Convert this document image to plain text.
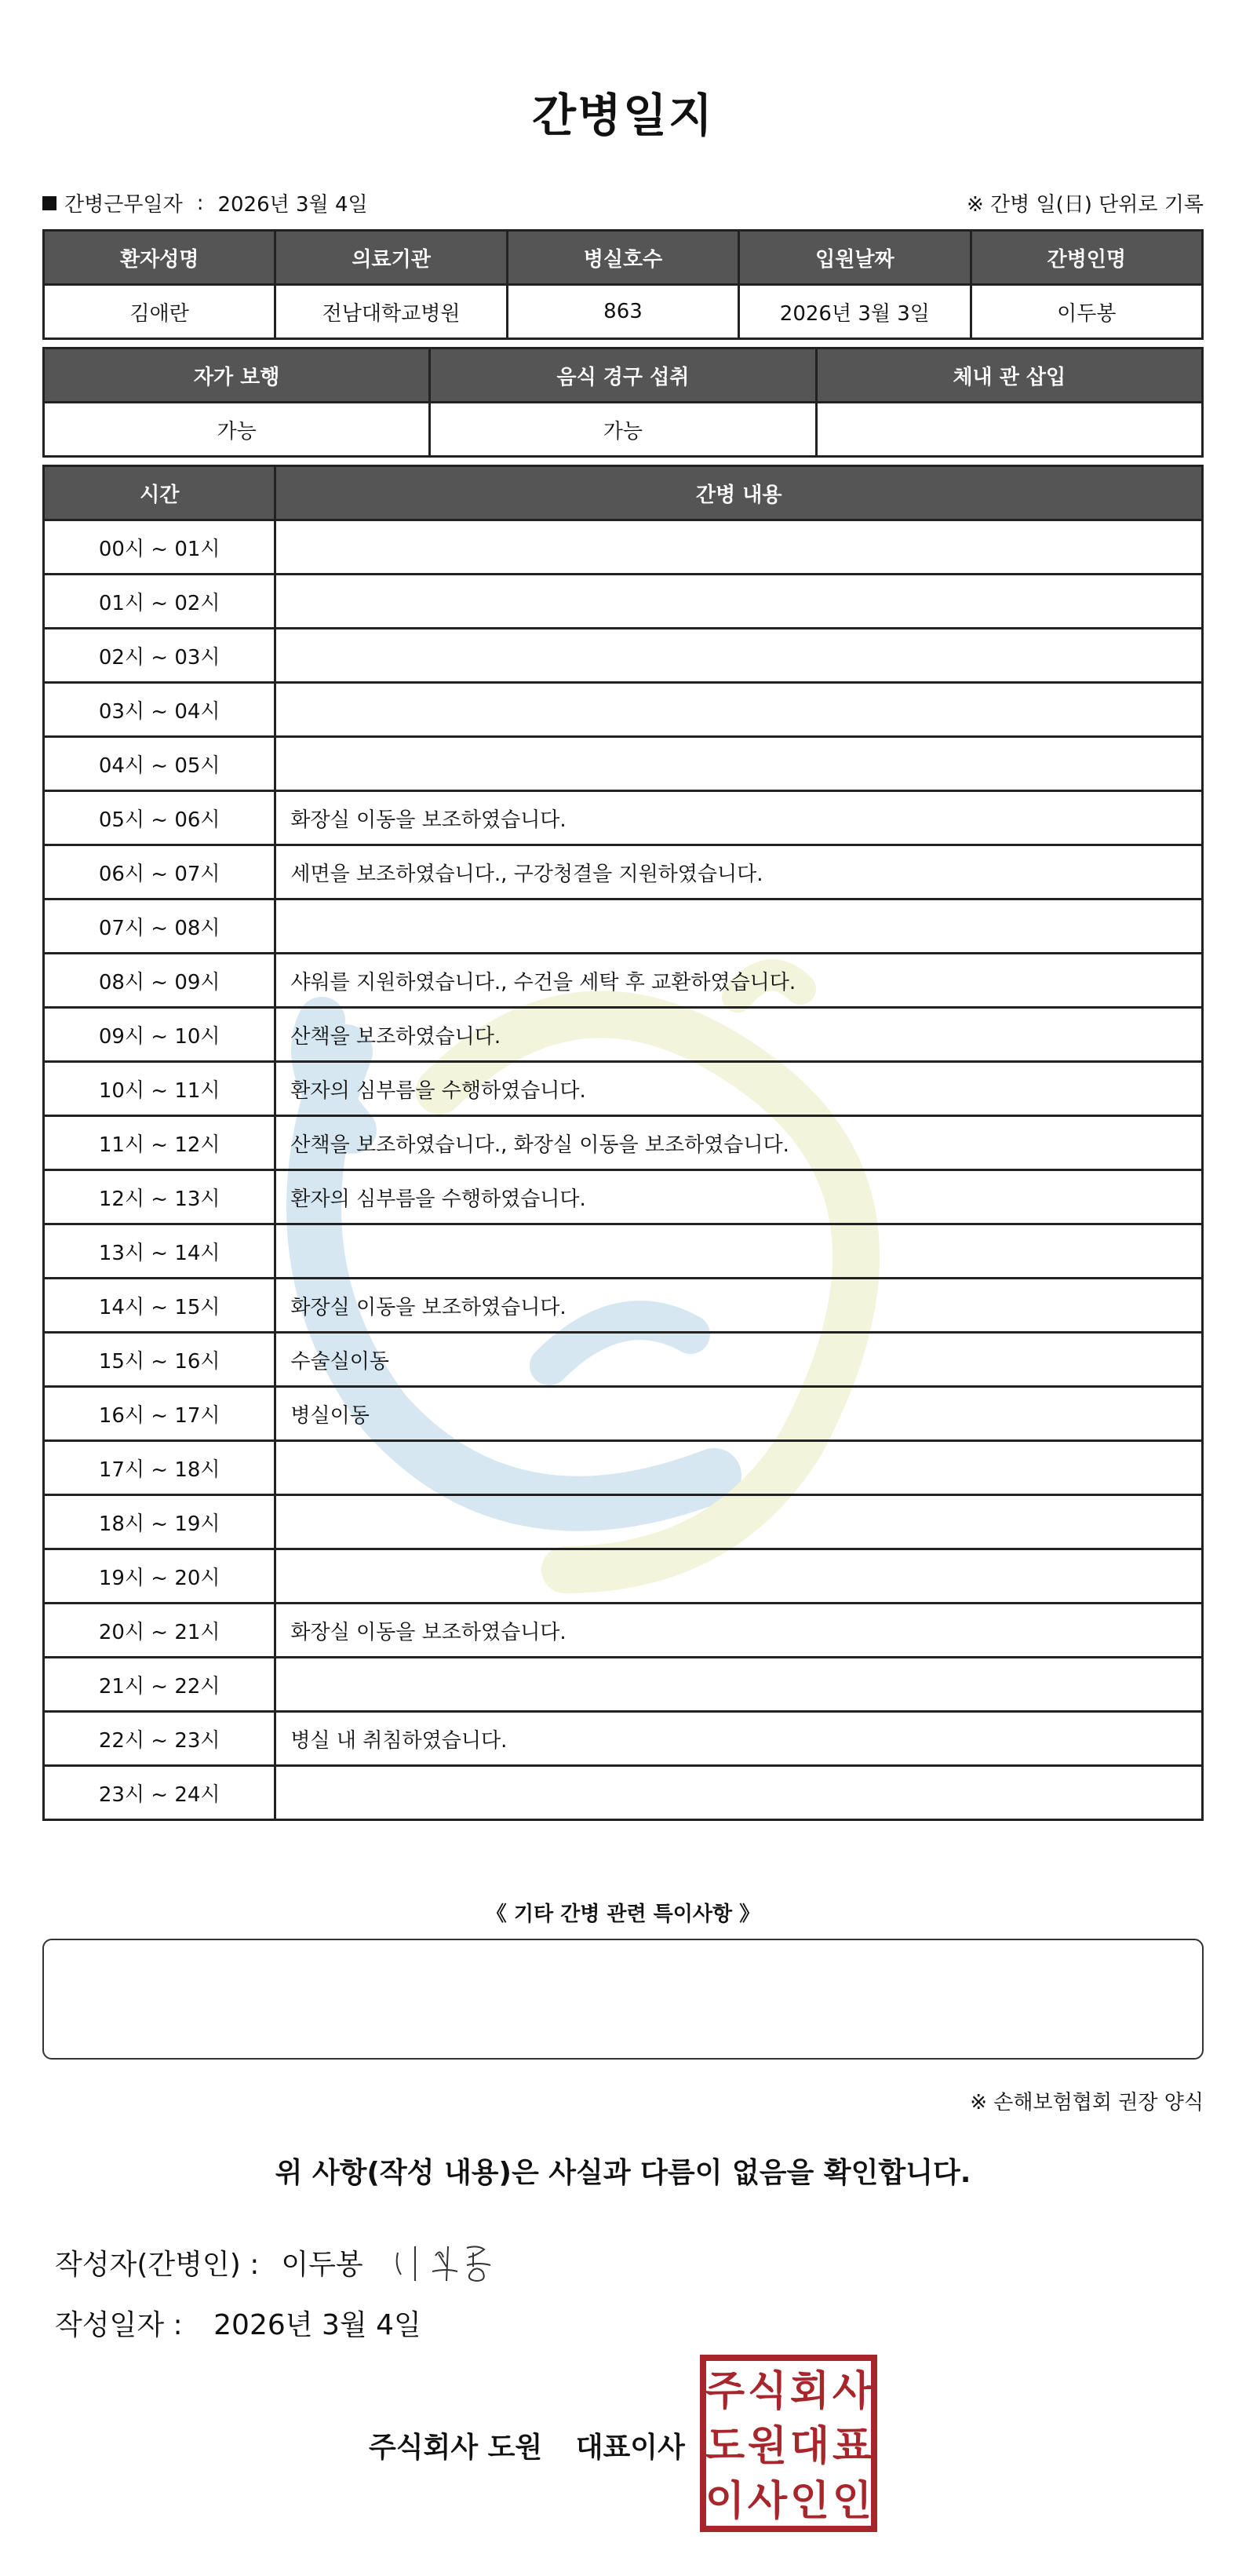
간병일지
간병근무일자 : 2026년 3월 4일	※ 간병 일(日) 단위로 기록
환자성명	의료기관	병실호수	입원날짜	간병인명
김애란	전남대학교병원	863	2026년 3월 3일	이두봉
자가 보행	음식 경구 섭취	체내 관 삽입
가능	가능	
시간	간병 내용
00시 ~ 01시	
01시 ~ 02시	
02시 ~ 03시	
03시 ~ 04시	
04시 ~ 05시	
05시 ~ 06시	화장실 이동을 보조하였습니다.
06시 ~ 07시	세면을 보조하였습니다., 구강청결을 지원하였습니다.
07시 ~ 08시	
08시 ~ 09시	샤워를 지원하였습니다., 수건을 세탁 후 교환하였습니다.
09시 ~ 10시	산책을 보조하였습니다.
10시 ~ 11시	환자의 심부름을 수행하였습니다.
11시 ~ 12시	산책을 보조하였습니다., 화장실 이동을 보조하였습니다.
12시 ~ 13시	환자의 심부름을 수행하였습니다.
13시 ~ 14시	
14시 ~ 15시	화장실 이동을 보조하였습니다.
15시 ~ 16시	수술실이동
16시 ~ 17시	병실이동
17시 ~ 18시	
18시 ~ 19시	
19시 ~ 20시	
20시 ~ 21시	화장실 이동을 보조하였습니다.
21시 ~ 22시	
22시 ~ 23시	병실 내 취침하였습니다.
23시 ~ 24시	
《 기타 간병 관련 특이사항 》
※ 손해보험협회 권장 양식
위 사항(작성 내용)은 사실과 다름이 없음을 확인합니다.
작성자(간병인) : 이두봉
작성일자 : 2026년 3월 4일
주식회사 도원 대표이사
주 식 회 사
도 원 대 표
이 사 인 인
